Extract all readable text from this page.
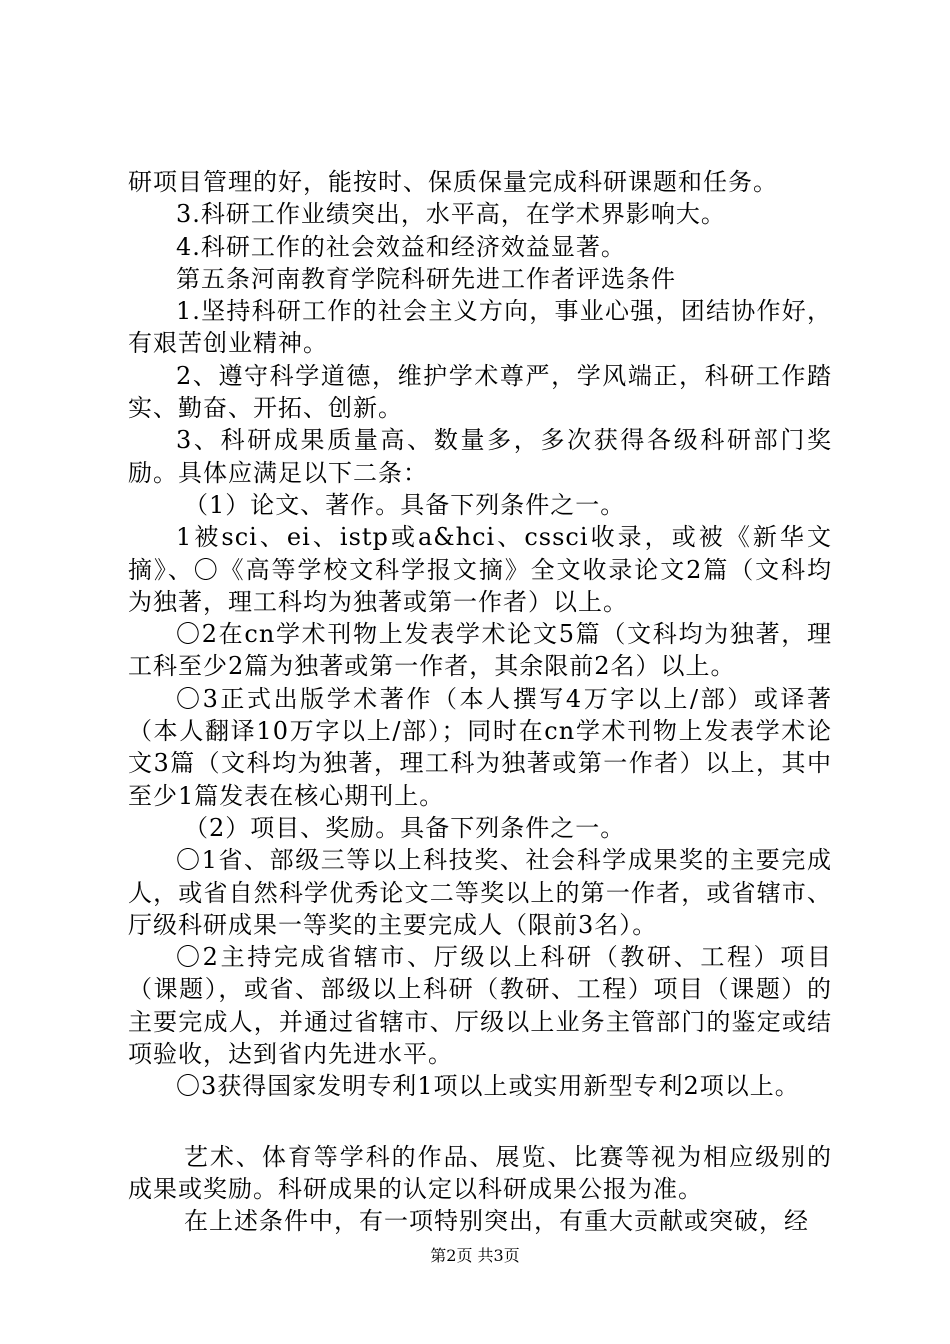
研项目管理的好，能按时、保质保量完成科研课题和任务。

3.科研工作业绩突出，水平高，在学术界影响大。

4.科研工作的社会效益和经济效益显著。

第五条河南教育学院科研先进工作者评选条件

1.坚持科研工作的社会主义方向，事业心强，团结协作好，有艰苦创业精神。

2、遵守科学道德，维护学术尊严，学风端正，科研工作踏实、勤奋、开拓、创新。

3、科研成果质量高、数量多，多次获得各级科研部门奖励。具体应满足以下二条：

（1）论文、著作。具备下列条件之一。

1被sci、ei、istp或a&hci、cssci收录，或被《新华文摘》、〇《高等学校文科学报文摘》全文收录论文2篇（文科均为独著，理工科均为独著或第一作者）以上。

〇2在cn学术刊物上发表学术论文5篇（文科均为独著，理工科至少2篇为独著或第一作者，其余限前2名）以上。

〇3正式出版学术著作（本人撰写4万字以上/部）或译著（本人翻译10万字以上/部）；同时在cn学术刊物上发表学术论文3篇（文科均为独著，理工科为独著或第一作者）以上，其中至少1篇发表在核心期刊上。

（2）项目、奖励。具备下列条件之一。

〇1省、部级三等以上科技奖、社会科学成果奖的主要完成人，或省自然科学优秀论文二等奖以上的第一作者，或省辖市、厅级科研成果一等奖的主要完成人（限前3名）。

〇2主持完成省辖市、厅级以上科研（教研、工程）项目（课题），或省、部级以上科研（教研、工程）项目（课题）的主要完成人，并通过省辖市、厅级以上业务主管部门的鉴定或结项验收，达到省内先进水平。

〇3获得国家发明专利1项以上或实用新型专利2项以上。

艺术、体育等学科的作品、展览、比赛等视为相应级别的成果或奖励。科研成果的认定以科研成果公报为准。

在上述条件中，有一项特别突出，有重大贡献或突破，经

第2页 共3页
